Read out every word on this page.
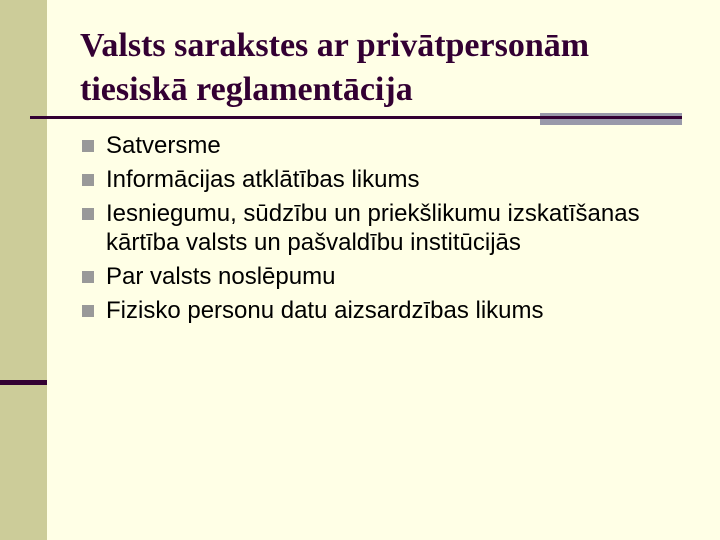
Valsts sarakstes ar privātpersonām tiesiskā reglamentācija
Satversme
Informācijas atklātības likums
Iesniegumu, sūdzību un priekšlikumu izskatīšanas kārtība valsts un pašvaldību institūcijās
Par valsts noslēpumu
Fizisko personu datu aizsardzības likums
